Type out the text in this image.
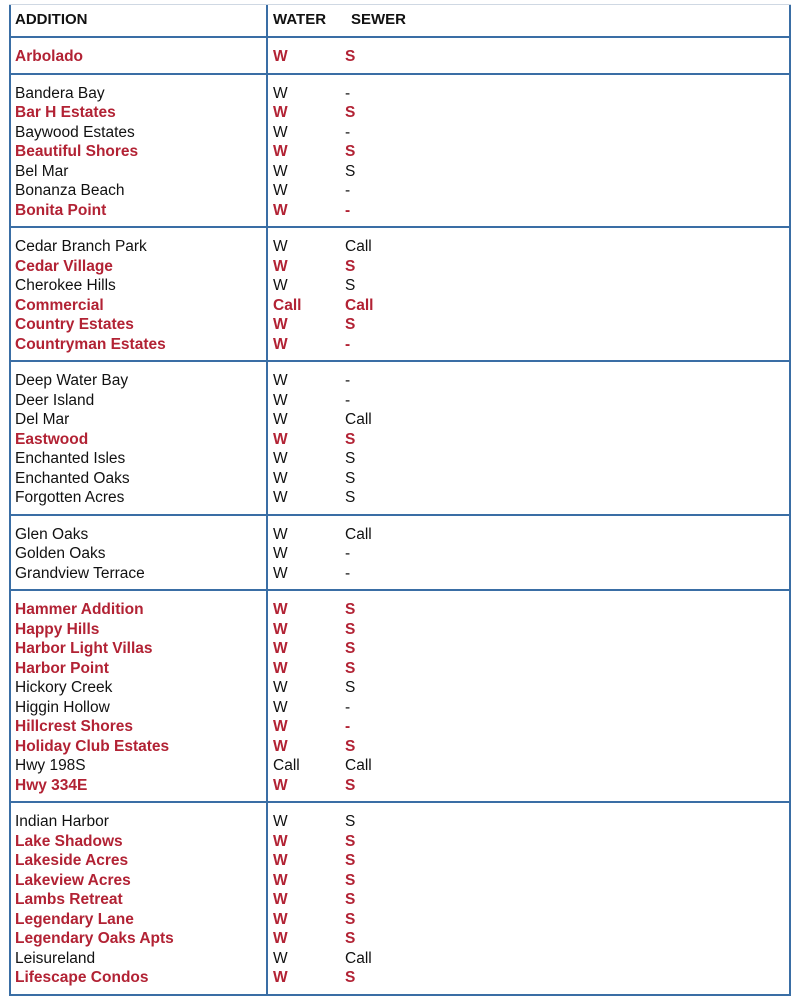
ADDITION	WATER SEWER
Arbolado	W	S
Bandera Bay	W	-
Bar H Estates	W	S
Baywood Estates	W	-
Beautiful Shores	W	S
Bel Mar	W	S
Bonanza Beach	W	-
Bonita Point	W	-
Cedar Branch Park	W	Call
Cedar Village	W	S
Cherokee Hills	W	S
Commercial	Call	Call
Country Estates	W	S
Countryman Estates	W	-
Deep Water Bay	W	-
Deer Island	W	-
Del Mar	W	Call
Eastwood	W	S
Enchanted Isles	W	S
Enchanted Oaks	W	S
Forgotten Acres	W	S
Glen Oaks	W	Call
Golden Oaks	W	-
Grandview Terrace	W	-
Hammer Addition	W	S
Happy Hills	W	S
Harbor Light Villas	W	S
Harbor Point	W	S
Hickory Creek	W	S
Higgin Hollow	W	-
Hillcrest Shores	W	-
Holiday Club Estates	W	S
Hwy 198S	Call	Call
Hwy 334E	W	S
Indian Harbor	W	S
Lake Shadows	W	S
Lakeside Acres	W	S
Lakeview Acres	W	S
Lambs Retreat	W	S
Legendary Lane	W	S
Legendary Oaks Apts	W	S
Leisureland	W	Call
Lifescape Condos	W	S
